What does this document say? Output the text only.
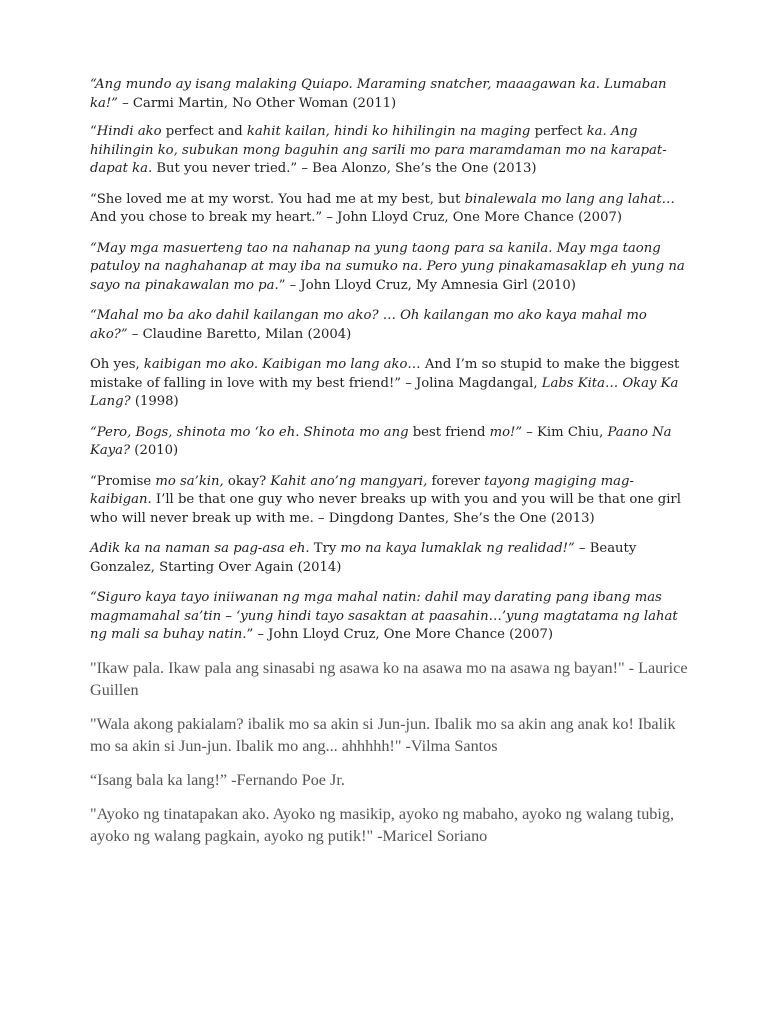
“Ang mundo ay isang malaking Quiapo. Maraming snatcher, maaagawan ka. Lumaban ka!” – Carmi Martin, No Other Woman (2011)

“Hindi ako perfect and kahit kailan, hindi ko hihilingin na maging perfect ka. Ang hihilingin ko, subukan mong baguhin ang sarili mo para maramdaman mo na karapat-dapat ka. But you never tried.” – Bea Alonzo, She’s the One (2013)

“She loved me at my worst. You had me at my best, but binalewala mo lang ang lahat… And you chose to break my heart.” – John Lloyd Cruz, One More Chance (2007)

“May mga masuerteng tao na nahanap na yung taong para sa kanila. May mga taong patuloy na naghahanap at may iba na sumuko na. Pero yung pinakamasaklap eh yung na sayo na pinakawalan mo pa.” – John Lloyd Cruz, My Amnesia Girl (2010)

“Mahal mo ba ako dahil kailangan mo ako? … Oh kailangan mo ako kaya mahal mo ako?” – Claudine Baretto, Milan (2004)

Oh yes, kaibigan mo ako. Kaibigan mo lang ako… And I’m so stupid to make the biggest mistake of falling in love with my best friend!” – Jolina Magdangal, Labs Kita… Okay Ka Lang? (1998)

“Pero, Bogs, shinota mo ‘ko eh. Shinota mo ang best friend mo!” – Kim Chiu, Paano Na Kaya? (2010)

“Promise mo sa’kin, okay? Kahit ano’ng mangyari, forever tayong magiging mag-kaibigan. I’ll be that one guy who never breaks up with you and you will be that one girl who will never break up with me. – Dingdong Dantes, She’s the One (2013)

Adik ka na naman sa pag-asa eh. Try mo na kaya lumaklak ng realidad!” – Beauty Gonzalez, Starting Over Again (2014)

“Siguro kaya tayo iniiwanan ng mga mahal natin: dahil may darating pang ibang mas magmamahal sa’tin – ‘yung hindi tayo sasaktan at paasahin…’yung magtatama ng lahat ng mali sa buhay natin.” – John Lloyd Cruz, One More Chance (2007)

"Ikaw pala. Ikaw pala ang sinasabi ng asawa ko na asawa mo na asawa ng bayan!" - Laurice Guillen

"Wala akong pakialam? ibalik mo sa akin si Jun-jun. Ibalik mo sa akin ang anak ko! Ibalik mo sa akin si Jun-jun. Ibalik mo ang... ahhhhh!" -Vilma Santos

“Isang bala ka lang!” -Fernando Poe Jr.

"Ayoko ng tinatapakan ako. Ayoko ng masikip, ayoko ng mabaho, ayoko ng walang tubig, ayoko ng walang pagkain, ayoko ng putik!" -Maricel Soriano
